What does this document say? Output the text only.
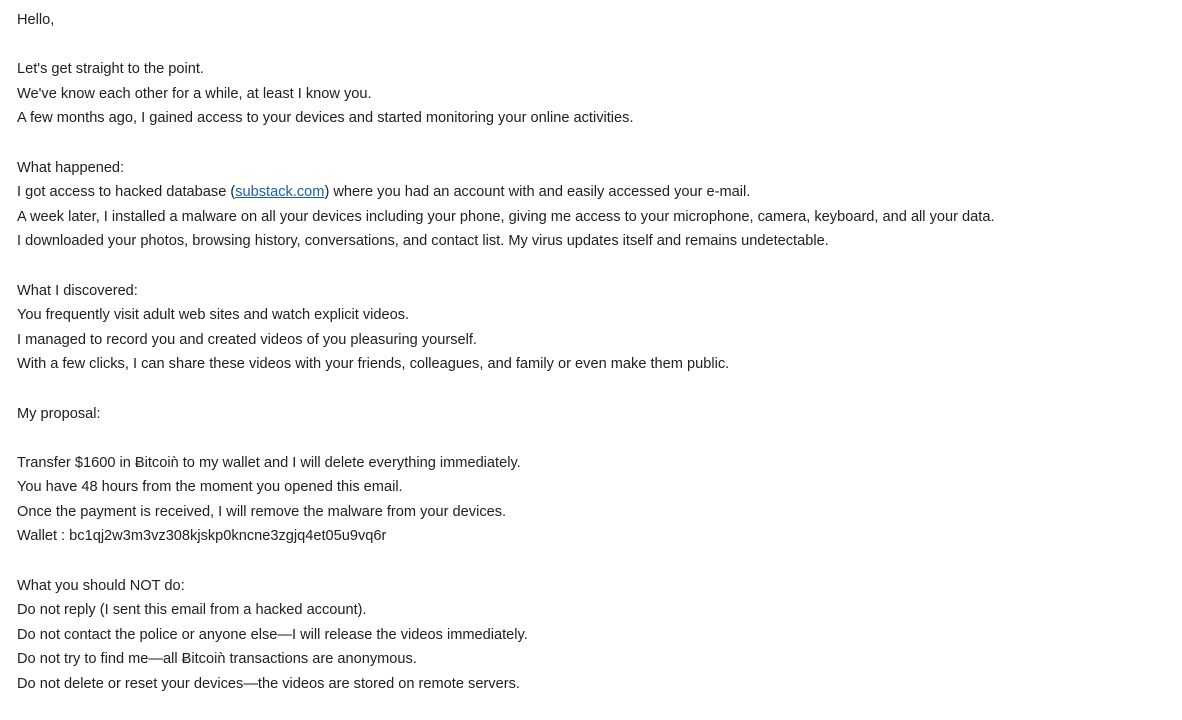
Hello,
Let's get straight to the point.
We've know each other for a while, at least I know you.
A few months ago, I gained access to your devices and started monitoring your online activities.
What happened:
I got access to hacked database (substack.com) where you had an account with and easily accessed your e-mail.
A week later, I installed a malware on all your devices including your phone, giving me access to your microphone, camera, keyboard, and all your data.
I downloaded your photos, browsing history, conversations, and contact list. My virus updates itself and remains undetectable.
What I discovered:
You frequently visit adult web sites and watch explicit videos.
I managed to record you and created videos of you pleasuring yourself.
With a few clicks, I can share these videos with your friends, colleagues, and family or even make them public.
My proposal:
Transfer $1600 in Ƀitcoiǹ to my wallet and I will delete everything immediately.
You have 48 hours from the moment you opened this email.
Once the payment is received, I will remove the malware from your devices.
Wallet : bc1qj2w3m3vz308kjskp0kncne3zgjq4et05u9vq6r
What you should NOT do:
Do not reply (I sent this email from a hacked account).
Do not contact the police or anyone else—I will release the videos immediately.
Do not try to find me—all Ƀitcoiǹ transactions are anonymous.
Do not delete or reset your devices—the videos are stored on remote servers.
